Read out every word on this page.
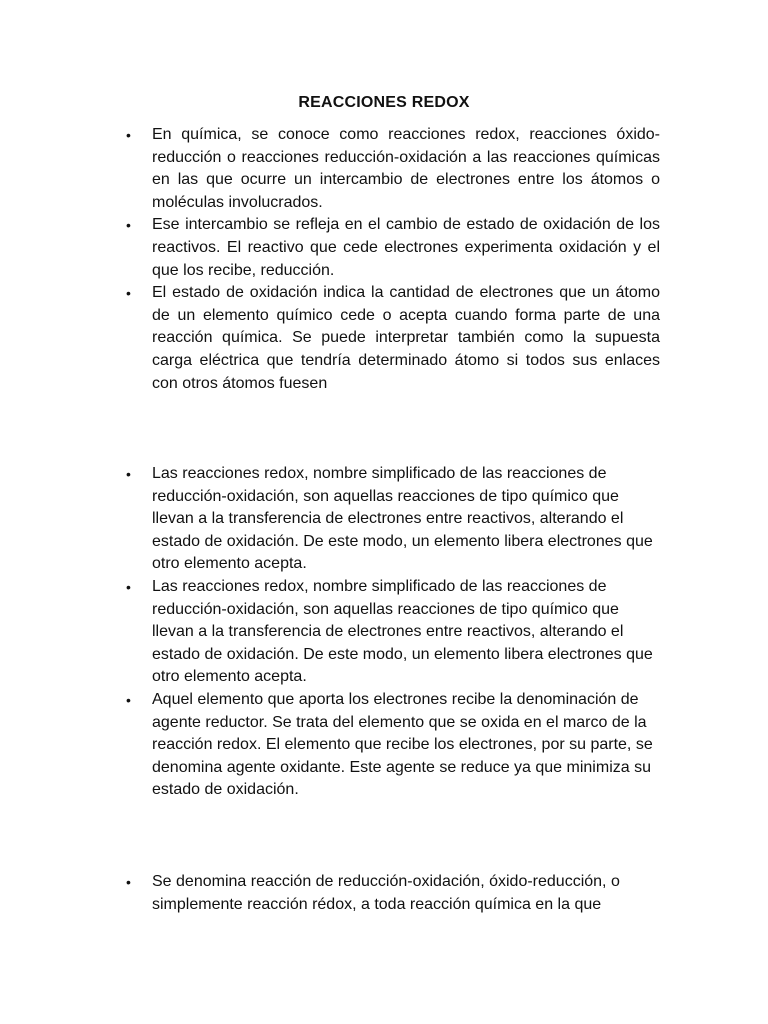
REACCIONES REDOX
• En química, se conoce como reacciones redox, reacciones óxido-reducción o reacciones reducción-oxidación a las reacciones químicas en las que ocurre un intercambio de electrones entre los átomos o moléculas involucrados.
• Ese intercambio se refleja en el cambio de estado de oxidación de los reactivos. El reactivo que cede electrones experimenta oxidación y el que los recibe, reducción.
• El estado de oxidación indica la cantidad de electrones que un átomo de un elemento químico cede o acepta cuando forma parte de una reacción química. Se puede interpretar también como la supuesta carga eléctrica que tendría determinado átomo si todos sus enlaces con otros átomos fuesen
• Las reacciones redox, nombre simplificado de las reacciones de reducción-oxidación, son aquellas reacciones de tipo químico que llevan a la transferencia de electrones entre reactivos, alterando el estado de oxidación. De este modo, un elemento libera electrones que otro elemento acepta.
• Las reacciones redox, nombre simplificado de las reacciones de reducción-oxidación, son aquellas reacciones de tipo químico que llevan a la transferencia de electrones entre reactivos, alterando el estado de oxidación. De este modo, un elemento libera electrones que otro elemento acepta.
• Aquel elemento que aporta los electrones recibe la denominación de agente reductor. Se trata del elemento que se oxida en el marco de la reacción redox. El elemento que recibe los electrones, por su parte, se denomina agente oxidante. Este agente se reduce ya que minimiza su estado de oxidación.
• Se denomina reacción de reducción-oxidación, óxido-reducción, o simplemente reacción rédox, a toda reacción química en la que
